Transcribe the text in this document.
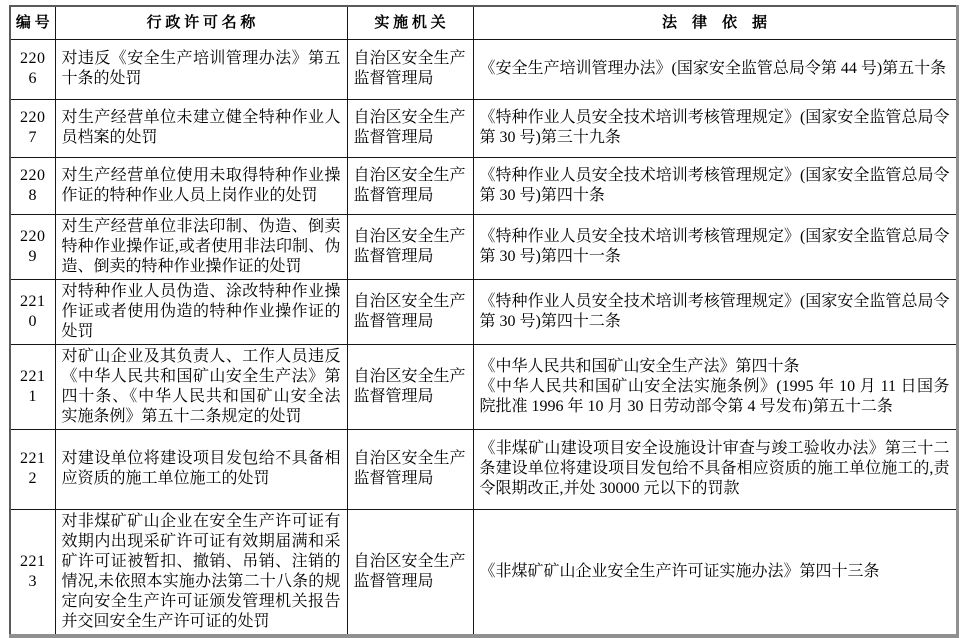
编 号	行 政 许 可 名 称	实 施 机 关	法　律　依　据
2206	对违反《安全生产培训管理办法》第五十条的处罚	自治区安全生产监督管理局	《安全生产培训管理办法》(国家安全监管总局令第 44 号)第五十条

2207	对生产经营单位未建立健全特种作业人员档案的处罚	自治区安全生产监督管理局	《特种作业人员安全技术培训考核管理规定》(国家安全监管总局令第 30 号)第三十九条

2208	对生产经营单位使用未取得特种作业操作证的特种作业人员上岗作业的处罚	自治区安全生产监督管理局	《特种作业人员安全技术培训考核管理规定》(国家安全监管总局令第 30 号)第四十条

2209	对生产经营单位非法印制、伪造、倒卖特种作业操作证,或者使用非法印制、伪造、倒卖的特种作业操作证的处罚	自治区安全生产监督管理局	《特种作业人员安全技术培训考核管理规定》(国家安全监管总局令第 30 号)第四十一条

2210	对特种作业人员伪造、涂改特种作业操作证或者使用伪造的特种作业操作证的处罚	自治区安全生产监督管理局	《特种作业人员安全技术培训考核管理规定》(国家安全监管总局令第 30 号)第四十二条

2211	对矿山企业及其负责人、工作人员违反《中华人民共和国矿山安全生产法》第四十条、《中华人民共和国矿山安全法实施条例》第五十二条规定的处罚	自治区安全生产监督管理局	《中华人民共和国矿山安全生产法》第四十条
《中华人民共和国矿山安全法实施条例》(1995 年 10 月 11 日国务院批准 1996 年 10 月 30 日劳动部令第 4 号发布)第五十二条

2212	对建设单位将建设项目发包给不具备相应资质的施工单位施工的处罚	自治区安全生产监督管理局	《非煤矿山建设项目安全设施设计审查与竣工验收办法》第三十二条建设单位将建设项目发包给不具备相应资质的施工单位施工的,责令限期改正,并处 30000 元以下的罚款

2213	对非煤矿矿山企业在安全生产许可证有效期内出现采矿许可证有效期届满和采矿许可证被暂扣、撤销、吊销、注销的情况,未依照本实施办法第二十八条的规定向安全生产许可证颁发管理机关报告并交回安全生产许可证的处罚	自治区安全生产监督管理局	《非煤矿矿山企业安全生产许可证实施办法》第四十三条
